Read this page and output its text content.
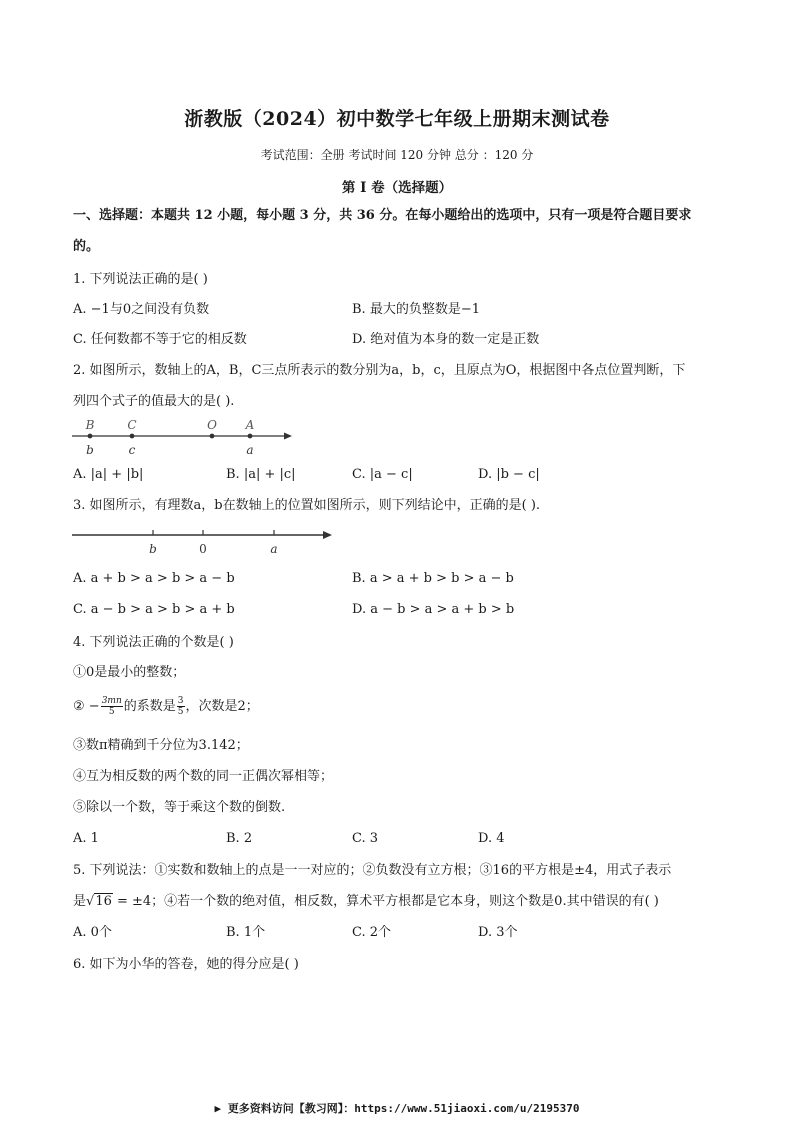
浙教版（2024）初中数学七年级上册期末测试卷
考试范围：全册 考试时间 120 分钟 总分 ：120 分
第 I 卷（选择题）
一、选择题：本题共 12 小题，每小题 3 分，共 36 分。在每小题给出的选项中，只有一项是符合题目要求
的。
1. 下列说法正确的是( )
A. −1与0之间没有负数	B. 最大的负整数是−1
C. 任何数都不等于它的相反数	D. 绝对值为本身的数一定是正数
2. 如图所示，数轴上的A，B，C三点所表示的数分别为a，b，c，且原点为O，根据图中各点位置判断，下
列四个式子的值最大的是( ).
B	C	O A
b	c	a
A. |a| + |b|	B. |a| + |c|	C. |a − c|	D. |b − c|
3. 如图所示，有理数a，b在数轴上的位置如图所示，则下列结论中，正确的是( ).
b	0	a
A. a + b > a > b > a − b	B. a > a + b > b > a − b
C. a − b > a > b > a + b	D. a − b > a > a + b > b
4. 下列说法正确的个数是( )
①0是最小的整数；
② − $\frac{3mn}{5}$ 的系数是 $\frac{3}{5}$ ，次数是2；
③数π精确到千分位为3.142；
④互为相反数的两个数的同一正偶次幂相等；
⑤除以一个数，等于乘这个数的倒数.
A. 1	B. 2	C. 3	D. 4
5. 下列说法：①实数和数轴上的点是一一对应的；②负数没有立方根；③16的平方根是±4，用式子表示
是√16 = ±4；④若一个数的绝对值，相反数，算术平方根都是它本身，则这个数是0.其中错误的有( )
A. 0个	B. 1个	C. 2个	D. 3个
6. 如下为小华的答卷，她的得分应是( )
▶ 更多资料访问【教习网】：https://www.51jiaoxi.com/u/2195370
